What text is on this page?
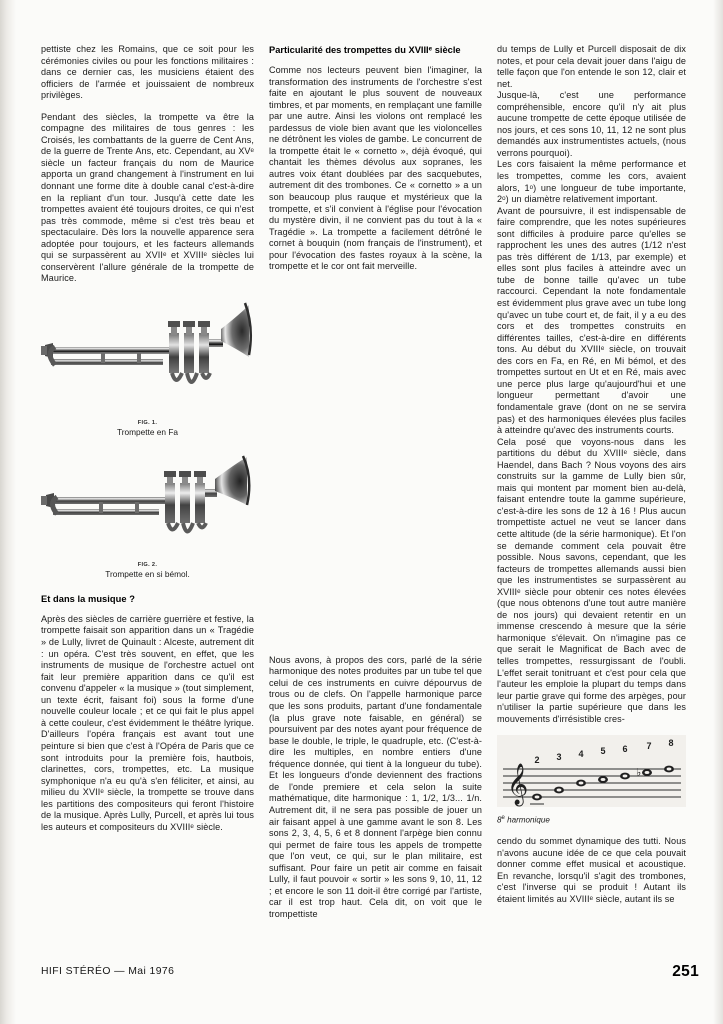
pettiste chez les Romains, que ce soit pour les cérémonies civiles ou pour les fonctions militaires : dans ce dernier cas, les musiciens étaient des officiers de l'armée et jouissaient de nombreux privilèges.

Pendant des siècles, la trompette va être la compagne des militaires de tous genres : les Croisés, les combattants de la guerre de Cent Ans, de la guerre de Trente Ans, etc. Cependant, au XVᵉ siècle un facteur français du nom de Maurice apporta un grand changement à l'instrument en lui donnant une forme dite à double canal c'est-à-dire en la repliant d'un tour. Jusqu'à cette date les trompettes avaient été toujours droites, ce qui n'est pas très commode, même si c'est très beau et spectaculaire. Dès lors la nouvelle apparence sera adoptée pour toujours, et les facteurs allemands qui se surpassèrent au XVIIᵉ et XVIIIᵉ siècles lui conservèrent l'allure générale de la trompette de Maurice.

FIG. 1.
Trompette en Fa
FIG. 2.
Trompette en si bémol.
Et dans la musique ?

Après des siècles de carrière guerrière et festive, la trompette faisait son apparition dans un « Tragédie » de Lully, livret de Quinault : Alceste, autrement dit : un opéra. C'est très souvent, en effet, que les instruments de musique de l'orchestre actuel ont fait leur première apparition dans ce qu'il est convenu d'appeler « la musique » (tout simplement, un texte écrit, faisant foi) sous la forme d'une nouvelle couleur locale ; et ce qui fait le plus appel à cette couleur, c'est évidemment le théâtre lyrique. D'ailleurs l'opéra français est avant tout une peinture si bien que c'est à l'Opéra de Paris que ce sont introduits pour la première fois, hautbois, clarinettes, cors, trompettes, etc. La musique symphonique n'a eu qu'à s'en féliciter, et ainsi, au milieu du XVIIᵉ siècle, la trompette se trouve dans les partitions des compositeurs qui feront l'histoire de la musique. Après Lully, Purcell, et après lui tous les auteurs et compositeurs du XVIIIᵉ siècle.

Particularité des trompettes du XVIIIᵉ siècle

Comme nos lecteurs peuvent bien l'imaginer, la transformation des instruments de l'orchestre s'est faite en ajoutant le plus souvent de nouveaux timbres, et par moments, en remplaçant une famille par une autre. Ainsi les violons ont remplacé les pardessus de viole bien avant que les violoncelles ne détrônent les violes de gambe. Le concurrent de la trompette était le « cornetto », déjà évoqué, qui chantait les thèmes dévolus aux sopranes, les autres voix étant doublées par des sacquebutes, autrement dit des trombones. Ce « cornetto » a un son beaucoup plus rauque et mystérieux que la trompette, et s'il convient à l'église pour l'évocation du mystère divin, il ne convient pas du tout à la « Tragédie ». La trompette a facilement détrôné le cornet à bouquin (nom français de l'instrument), et pour l'évocation des fastes royaux à la scène, la trompette et le cor ont fait merveille.

Nous avons, à propos des cors, parlé de la série harmonique des notes produites par un tube tel que celui de ces instruments en cuivre dépourvus de trous ou de clefs. On l'appelle harmonique parce que les sons produits, partant d'une fondamentale (la plus grave note faisable, en général) se poursuivent par des notes ayant pour fréquence de base le double, le triple, le quadruple, etc. (C'est-à-dire les multiples, en nombre entiers d'une fréquence donnée, qui tient à la longueur du tube). Et les longueurs d'onde deviennent des fractions de l'onde premiere et cela selon la suite mathématique, dite harmonique : 1, 1/2, 1/3... 1/n. Autrement dit, il ne sera pas possible de jouer un air faisant appel à une gamme avant le son 8. Les sons 2, 3, 4, 5, 6 et 8 donnent l'arpège bien connu qui permet de faire tous les appels de trompette que l'on veut, ce qui, sur le plan militaire, est suffisant. Pour faire un petit air comme en faisait Lully, il faut pouvoir « sortir » les sons 9, 10, 11, 12 ; et encore le son 11 doit-il être corrigé par l'artiste, car il est trop haut. Cela dit, on voit que le trompettiste

du temps de Lully et Purcell disposait de dix notes, et pour cela devait jouer dans l'aigu de telle façon que l'on entende le son 12, clair et net.

Jusque-là, c'est une performance compréhensible, encore qu'il n'y ait plus aucune trompette de cette époque utilisée de nos jours, et ces sons 10, 11, 12 ne sont plus demandés aux instrumentistes actuels, (nous verrons pourquoi).

Les cors faisaient la même performance et les trompettes, comme les cors, avaient alors, 1ᵒ) une longueur de tube importante, 2ᵒ) un diamètre relativement important.

Avant de poursuivre, il est indispensable de faire comprendre, que les notes supérieures sont difficiles à produire parce qu'elles se rapprochent les unes des autres (1/12 n'est pas très différent de 1/13, par exemple) et elles sont plus faciles à atteindre avec un tube de bonne taille qu'avec un tube raccourci. Cependant la note fondamentale est évidemment plus grave avec un tube long qu'avec un tube court et, de fait, il y a eu des cors et des trompettes construits en différentes tailles, c'est-à-dire en différents tons. Au début du XVIIIᵉ siècle, on trouvait des cors en Fa, en Ré, en Mi bémol, et des trompettes surtout en Ut et en Ré, mais avec une perce plus large qu'aujourd'hui et une longueur permettant d'avoir une fondamentale grave (dont on ne se servira pas) et des harmoniques élevées plus faciles à atteindre qu'avec des instruments courts.

Cela posé que voyons-nous dans les partitions du début du XVIIIᵉ siècle, dans Haendel, dans Bach ? Nous voyons des airs construits sur la gamme de Lully bien sûr, mais qui montent par moment bien au-delà, faisant entendre toute la gamme supérieure, c'est-à-dire les sons de 12 à 16 ! Plus aucun trompettiste actuel ne veut se lancer dans cette altitude (de la série harmonique). Et l'on se demande comment cela pouvait être possible. Nous savons, cependant, que les facteurs de trompettes allemands aussi bien que les instrumentistes se surpassèrent au XVIIIᵉ siècle pour obtenir ces notes élevées (que nous obtenons d'une tout autre manière de nos jours) qui devaient retentir en un immense crescendo à mesure que la série harmonique s'élevait. On n'imagine pas ce que serait le Magnificat de Bach avec de telles trompettes, ressurgissant de l'oubli. L'effet serait tonitruant et c'est pour cela que l'auteur les emploie la plupart du temps dans leur partie grave qui forme des arpèges, pour n'utiliser la partie supérieure que dans les mouvements d'irrésistible cres-

𝄞	♭
2 3 4 5 6 7 8
8e harmonique

cendo du sommet dynamique des tutti. Nous n'avons aucune idée de ce que cela pouvait donner comme effet musical et acoustique. En revanche, lorsqu'il s'agit des trombones, c'est l'inverse qui se produit ! Autant ils étaient limités au XVIIIᵉ siècle, autant ils se

HIFI STÉRÉO — Mai 1976	251
